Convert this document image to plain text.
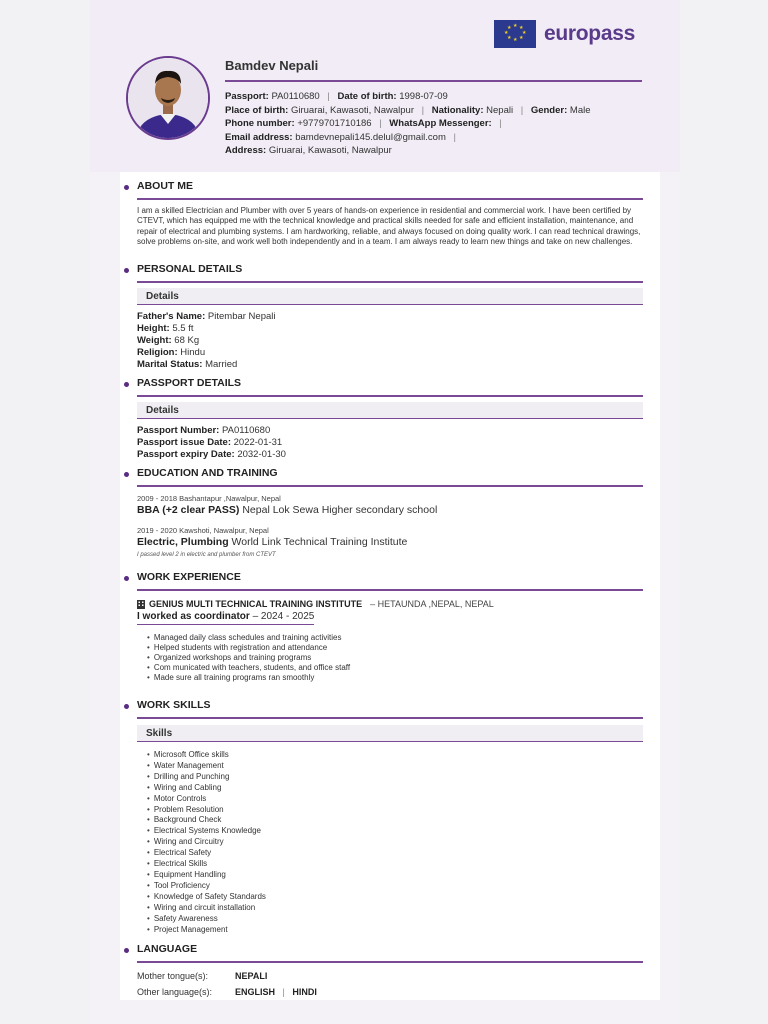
★ ★
★
★
★
★
★
★ europass
Bamdev Nepali
Passport: PA0110680 | Date of birth: 1998-07-09
Place of birth: Giruarai, Kawasoti, Nawalpur | Nationality: Nepali | Gender: Male
Phone number: +9779701710186 | WhatsApp Messenger: |
Email address: bamdevnepali145.delul@gmail.com |
Address: Giruarai, Kawasoti, Nawalpur
ABOUT ME
I am a skilled Electrician and Plumber with over 5 years of hands-on experience in residential and commercial work. I have been certified by CTEVT, which has equipped me with the technical knowledge and practical skills needed for safe and efficient installation, maintenance, and repair of electrical and plumbing systems. I am hardworking, reliable, and always focused on doing quality work. I can read technical drawings, solve problems on-site, and work well both independently and in a team. I am always ready to learn new things and take on new challenges.
PERSONAL DETAILS
Details
Father's Name: Pitembar Nepali
Height: 5.5 ft
Weight: 68 Kg
Religion: Hindu
Marital Status: Married
PASSPORT DETAILS
Details
Passport Number: PA0110680
Passport issue Date: 2022-01-31
Passport expiry Date: 2032-01-30
EDUCATION AND TRAINING
2009 - 2018 Bashantapur ,Nawalpur, Nepal
BBA (+2 clear PASS) Nepal Lok Sewa Higher secondary school
2019 - 2020 Kawshoti, Nawalpur, Nepal
Electric, Plumbing World Link Technical Training Institute
I passed level 2 in electric and plumber from CTEVT
WORK EXPERIENCE
GENIUS MULTI TECHNICAL TRAINING INSTITUTE – HETAUNDA ,NEPAL, NEPAL
I worked as coordinator – 2024 - 2025
• Managed daily class schedules and training activities
• Helped students with registration and attendance
• Organized workshops and training programs
• Com municated with teachers, students, and office staff
• Made sure all training programs ran smoothly
WORK SKILLS
Skills
• Microsoft Office skills
• Water Management
• Drilling and Punching
• Wiring and Cabling
• Motor Controls
• Problem Resolution
• Background Check
• Electrical Systems Knowledge
• Wiring and Circuitry
• Electrical Safety
• Electrical Skills
• Equipment Handling
• Tool Proficiency
• Knowledge of Safety Standards
• Wiring and circuit installation
• Safety Awareness
• Project Management
LANGUAGE
Mother tongue(s):	NEPALI
Other language(s):	ENGLISH | HINDI
